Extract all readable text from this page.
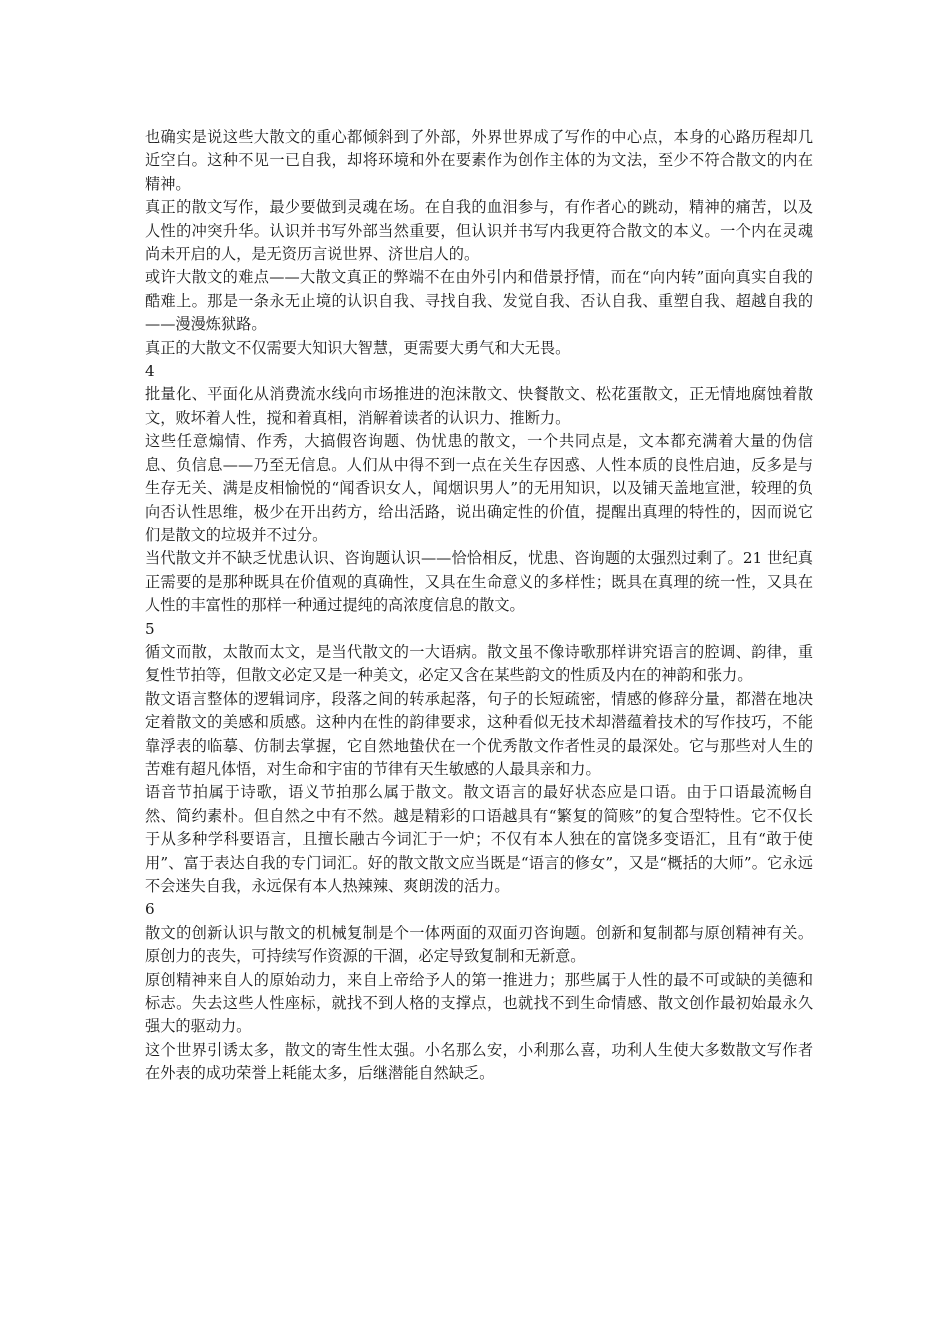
也确实是说这些大散文的重心都倾斜到了外部，外界世界成了写作的中心点，本身的心路历程却几近空白。这种不见一已自我，却将环境和外在要素作为创作主体的为文法，至少不符合散文的内在精神。

真正的散文写作，最少要做到灵魂在场。在自我的血泪参与，有作者心的跳动，精神的痛苦，以及人性的冲突升华。认识并书写外部当然重要，但认识并书写内我更符合散文的本义。一个内在灵魂尚未开启的人，是无资历言说世界、济世启人的。

或许大散文的难点——大散文真正的弊端不在由外引内和借景抒情，而在“向内转”面向真实自我的酷难上。那是一条永无止境的认识自我、寻找自我、发觉自我、否认自我、重塑自我、超越自我的——漫漫炼狱路。

真正的大散文不仅需要大知识大智慧，更需要大勇气和大无畏。

4

批量化、平面化从消费流水线向市场推进的泡沫散文、快餐散文、松花蛋散文，正无情地腐蚀着散文，败坏着人性，搅和着真相，消解着读者的认识力、推断力。

这些任意煽情、作秀，大搞假咨询题、伪忧患的散文，一个共同点是，文本都充满着大量的伪信息、负信息——乃至无信息。人们从中得不到一点在关生存因惑、人性本质的良性启迪，反多是与生存无关、满是皮相愉悦的“闻香识女人，闻烟识男人”的无用知识，以及铺天盖地宣泄，较理的负向否认性思维，极少在开出药方，给出活路，说出确定性的价值，提醒出真理的特性的，因而说它们是散文的垃圾并不过分。

当代散文并不缺乏忧患认识、咨询题认识——恰恰相反，忧患、咨询题的太强烈过剩了。21 世纪真正需要的是那种既具在价值观的真确性，又具在生命意义的多样性；既具在真理的统一性，又具在人性的丰富性的那样一种通过提纯的高浓度信息的散文。

5

循文而散，太散而太文，是当代散文的一大语病。散文虽不像诗歌那样讲究语言的腔调、韵律，重复性节拍等，但散文必定又是一种美文，必定又含在某些韵文的性质及内在的神韵和张力。

散文语言整体的逻辑词序，段落之间的转承起落，句子的长短疏密，情感的修辞分量，都潜在地决定着散文的美感和质感。这种内在性的韵律要求，这种看似无技术却潜蕴着技术的写作技巧，不能靠浮表的临摹、仿制去掌握，它自然地蛰伏在一个优秀散文作者性灵的最深处。它与那些对人生的苦难有超凡体悟，对生命和宇宙的节律有天生敏感的人最具亲和力。

语音节拍属于诗歌，语义节拍那么属于散文。散文语言的最好状态应是口语。由于口语最流畅自然、简约素朴。但自然之中有不然。越是精彩的口语越具有“繁复的简赅”的复合型特性。它不仅长于从多种学科要语言，且擅长融古今词汇于一炉；不仅有本人独在的富饶多变语汇，且有“敢于使用”、富于表达自我的专门词汇。好的散文散文应当既是“语言的修女”，又是“概括的大师”。它永远不会迷失自我，永远保有本人热辣辣、爽朗泼的活力。

6

散文的创新认识与散文的机械复制是个一体两面的双面刃咨询题。创新和复制都与原创精神有关。原创力的丧失，可持续写作资源的干涸，必定导致复制和无新意。

原创精神来自人的原始动力，来自上帝给予人的第一推进力；那些属于人性的最不可或缺的美德和标志。失去这些人性座标，就找不到人格的支撑点，也就找不到生命情感、散文创作最初始最永久强大的驱动力。

这个世界引诱太多，散文的寄生性太强。小名那么安，小利那么喜，功利人生使大多数散文写作者在外表的成功荣誉上耗能太多，后继潜能自然缺乏。
